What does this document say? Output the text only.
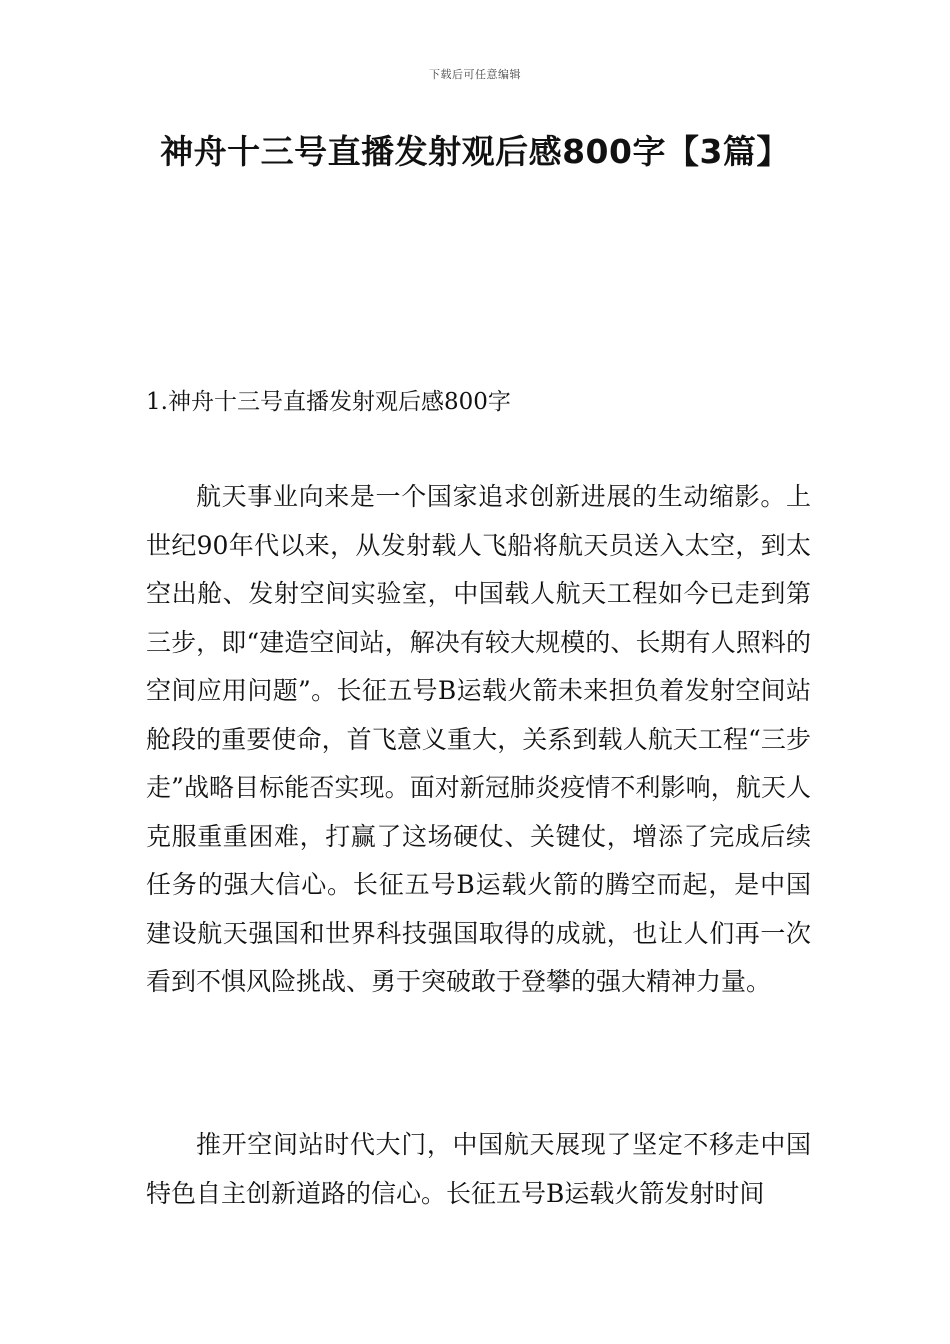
下载后可任意编辑
神舟十三号直播发射观后感800字【3篇】
1.神舟十三号直播发射观后感800字

航天事业向来是一个国家追求创新进展的生动缩影。上世纪90年代以来，从发射载人飞船将航天员送入太空，到太空出舱、发射空间实验室，中国载人航天工程如今已走到第三步，即“建造空间站，解决有较大规模的、长期有人照料的空间应用问题”。长征五号B运载火箭未来担负着发射空间站舱段的重要使命，首飞意义重大，关系到载人航天工程“三步走”战略目标能否实现。面对新冠肺炎疫情不利影响，航天人克服重重困难，打赢了这场硬仗、关键仗，增添了完成后续任务的强大信心。长征五号B运载火箭的腾空而起，是中国建设航天强国和世界科技强国取得的成就，也让人们再一次看到不惧风险挑战、勇于突破敢于登攀的强大精神力量。

推开空间站时代大门，中国航天展现了坚定不移走中国特色自主创新道路的信心。长征五号B运载火箭发射时间
